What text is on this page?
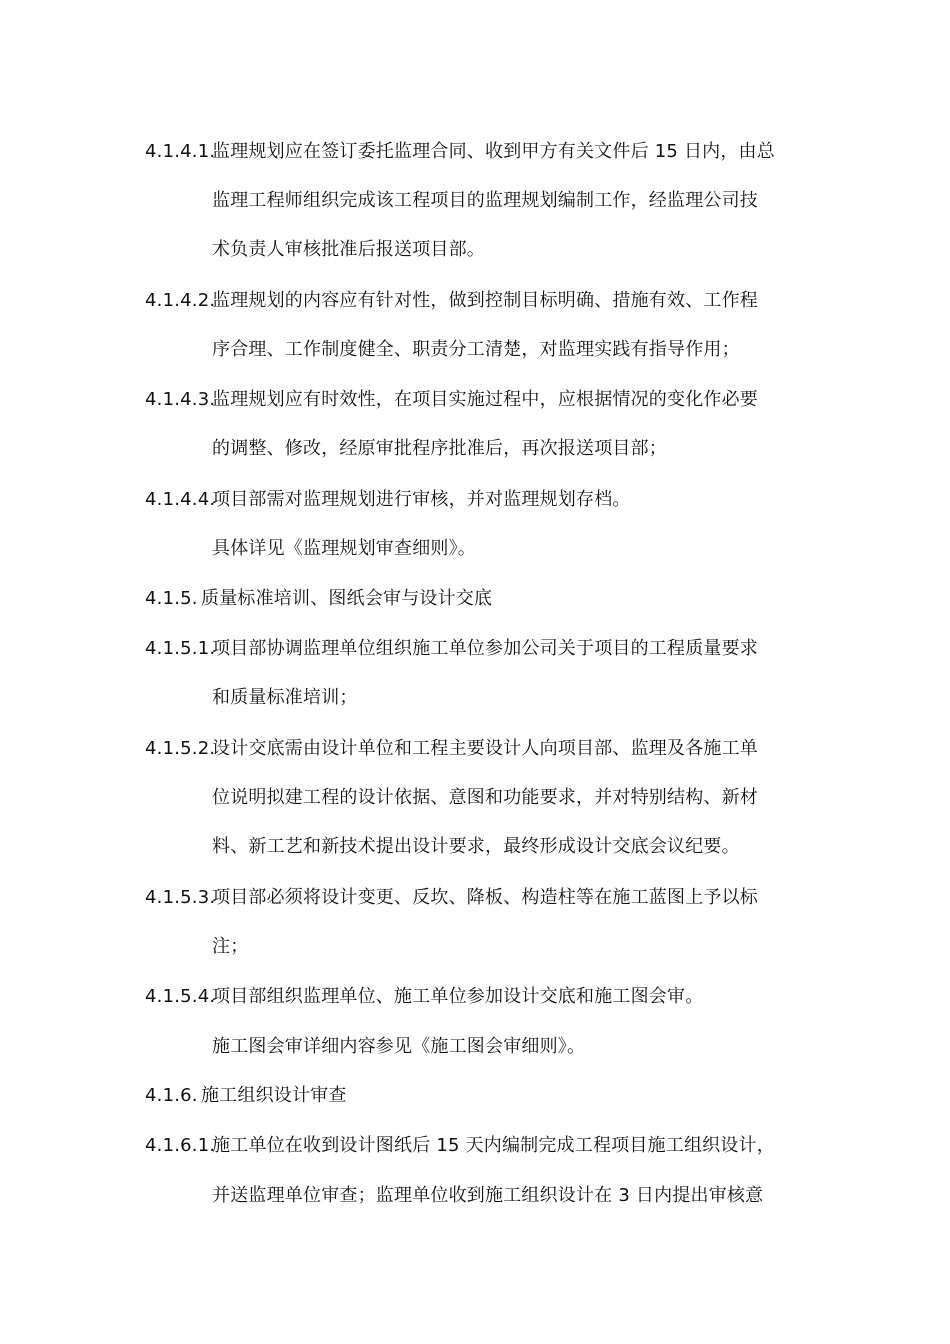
4.1.4.1.
监理规划应在签订委托监理合同、收到甲方有关文件后 15 日内，由总
监理工程师组织完成该工程项目的监理规划编制工作，经监理公司技
术负责人审核批准后报送项目部。
4.1.4.2.
监理规划的内容应有针对性，做到控制目标明确、措施有效、工作程
序合理、工作制度健全、职责分工清楚，对监理实践有指导作用；
4.1.4.3.
监理规划应有时效性，在项目实施过程中，应根据情况的变化作必要
的调整、修改，经原审批程序批准后，再次报送项目部；
4.1.4.4.
项目部需对监理规划进行审核，并对监理规划存档。
具体详见《监理规划审查细则》。
4.1.5. 质量标准培训、图纸会审与设计交底
4.1.5.1.
项目部协调监理单位组织施工单位参加公司关于项目的工程质量要求
和质量标准培训；
4.1.5.2.
设计交底需由设计单位和工程主要设计人向项目部、监理及各施工单
位说明拟建工程的设计依据、意图和功能要求，并对特别结构、新材
料、新工艺和新技术提出设计要求，最终形成设计交底会议纪要。
4.1.5.3.
项目部必须将设计变更、反坎、降板、构造柱等在施工蓝图上予以标
注；
4.1.5.4.
项目部组织监理单位、施工单位参加设计交底和施工图会审。
施工图会审详细内容参见《施工图会审细则》。
4.1.6. 施工组织设计审查
4.1.6.1.
施工单位在收到设计图纸后 15 天内编制完成工程项目施工组织设计，
并送监理单位审查；监理单位收到施工组织设计在 3 日内提出审核意
